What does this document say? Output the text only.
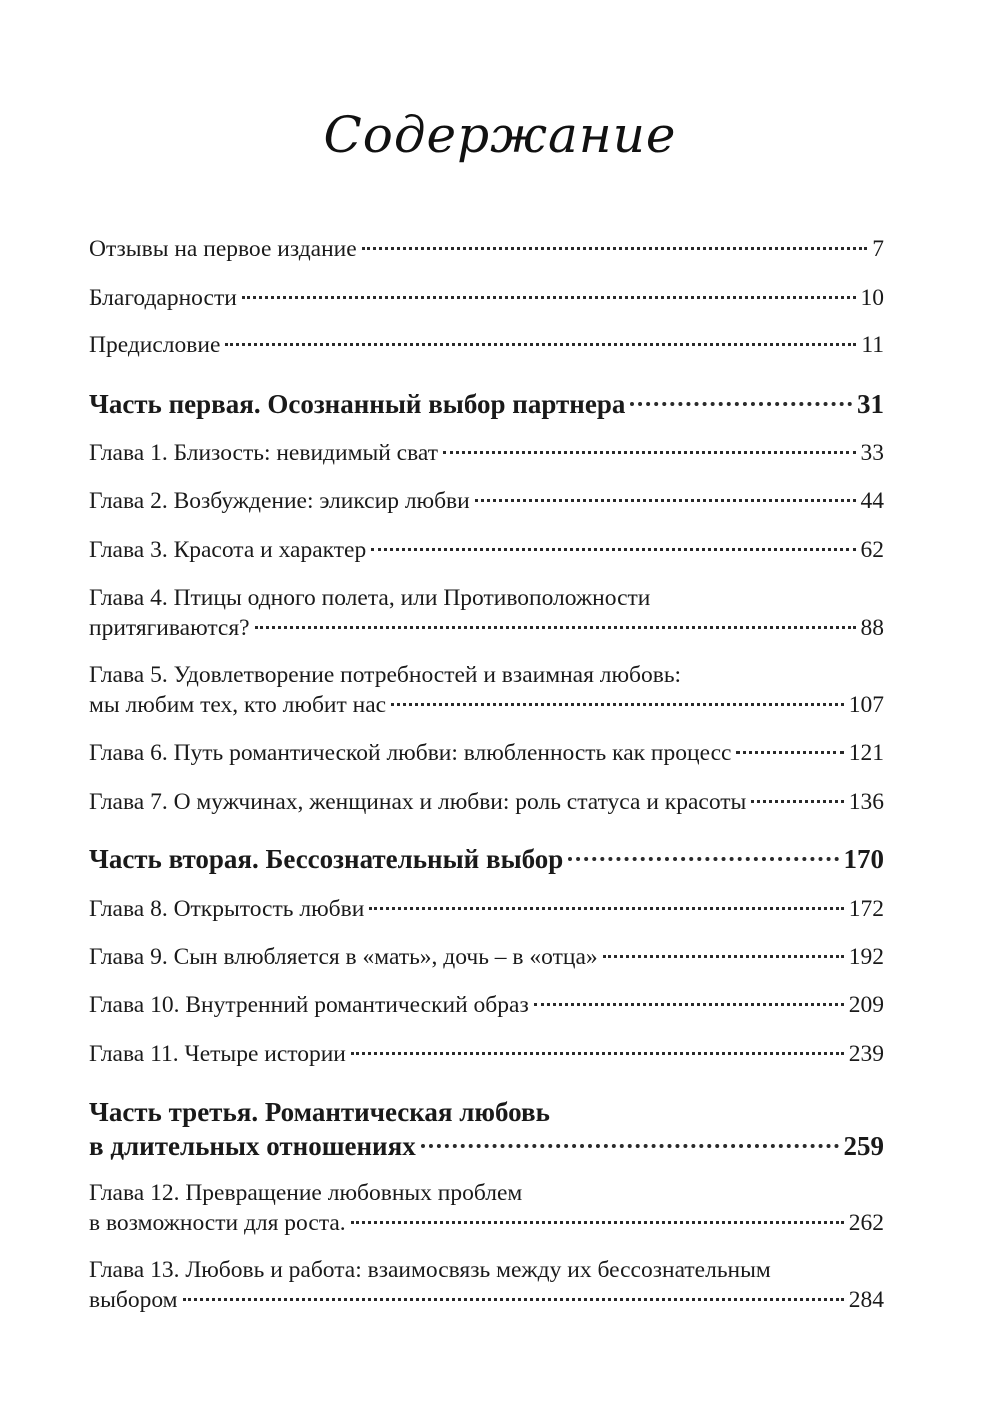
Содержание
Отзывы на первое издание	7
Благодарности	10
Предисловие	11
Часть первая. Осознанный выбор партнера	31
Глава 1. Близость: невидимый сват	33
Глава 2. Возбуждение: эликсир любви	44
Глава 3. Красота и характер	62
Глава 4. Птицы одного полета, или Противоположности
притягиваются?	88
Глава 5. Удовлетворение потребностей и взаимная любовь:
мы любим тех, кто любит нас	107
Глава 6. Путь романтической любви: влюбленность как процесс	121
Глава 7. О мужчинах, женщинах и любви: роль статуса и красоты	136
Часть вторая. Бессознательный выбор	170
Глава 8. Открытость любви	172
Глава 9. Сын влюбляется в «мать», дочь – в «отца»	192
Глава 10. Внутренний романтический образ	209
Глава 11. Четыре истории	239
Часть третья. Романтическая любовь
в длительных отношениях	259
Глава 12. Превращение любовных проблем
в возможности для роста.	262
Глава 13. Любовь и работа: взаимосвязь между их бессознательным
выбором	284
